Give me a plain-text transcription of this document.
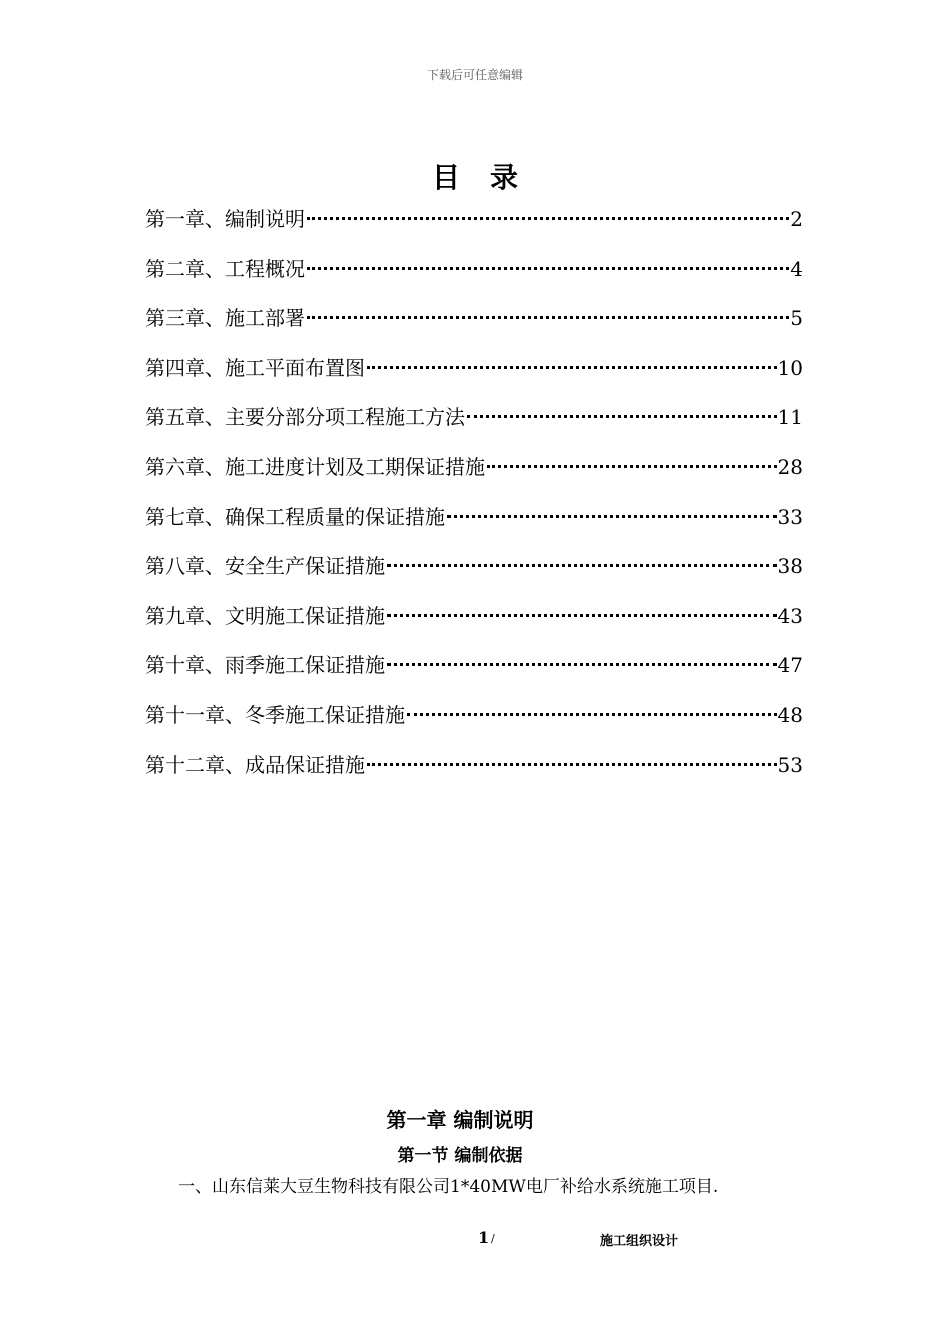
下载后可任意编辑
目录
第一章、编制说明	2
第二章、工程概况	4
第三章、施工部署	5
第四章、施工平面布置图	10
第五章、主要分部分项工程施工方法	11
第六章、施工进度计划及工期保证措施	28
第七章、确保工程质量的保证措施	33
第八章、安全生产保证措施	38
第九章、文明施工保证措施	43
第十章、雨季施工保证措施	47
第十一章、冬季施工保证措施	48
第十二章、成品保证措施	53
第一章 编制说明
第一节 编制依据
一、山东信莱大豆生物科技有限公司1*40MW电厂补给水系统施工项目.
1 /	施工组织设计
